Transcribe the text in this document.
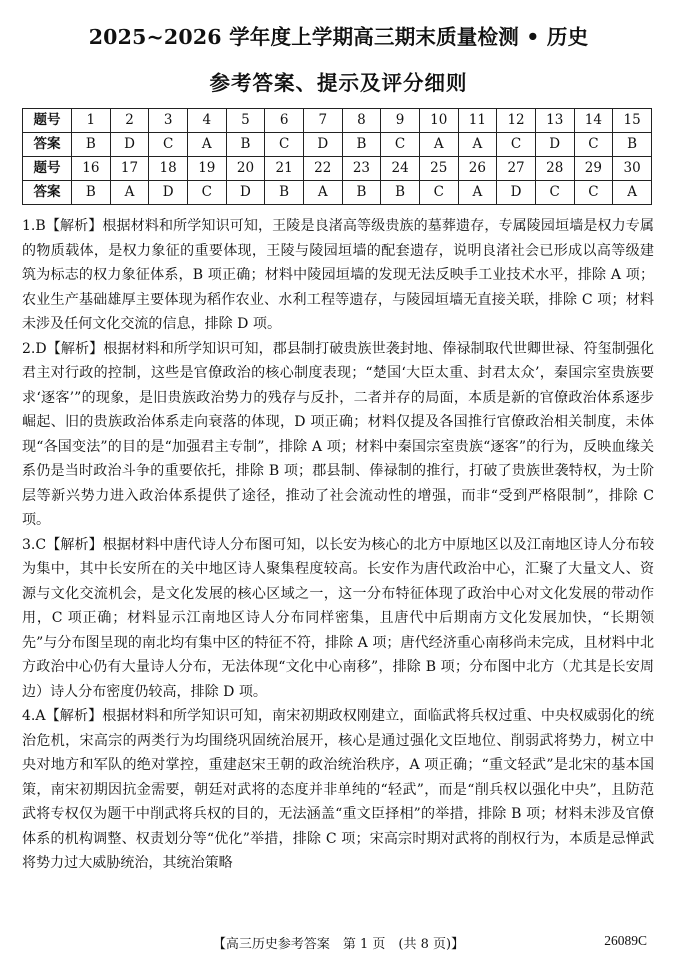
2025~2026 学年度上学期高三期末质量检测 • 历史
参考答案、提示及评分细则
题号	1	2	3	4	5	6	7	8	9	10	11	12	13	14	15
答案	B	D	C	A	B	C	D	B	C	A	A	C	D	C	B
题号	16	17	18	19	20	21	22	23	24	25	26	27	28	29	30
答案	B	A	D	C	D	B	A	B	B	C	A	D	C	C	A

1.B【解析】根据材料和所学知识可知，王陵是良渚高等级贵族的墓葬遗存，专属陵园垣墙是权力专属的物质载体，是权力象征的重要体现，王陵与陵园垣墙的配套遗存，说明良渚社会已形成以高等级建筑为标志的权力象征体系，B 项正确；材料中陵园垣墙的发现无法反映手工业技术水平，排除 A 项；农业生产基础雄厚主要体现为稻作农业、水利工程等遗存，与陵园垣墙无直接关联，排除 C 项；材料未涉及任何文化交流的信息，排除 D 项。

2.D【解析】根据材料和所学知识可知，郡县制打破贵族世袭封地、俸禄制取代世卿世禄、符玺制强化君主对行政的控制，这些是官僚政治的核心制度表现；“楚国‘大臣太重、封君太众’，秦国宗室贵族要求‘逐客’”的现象，是旧贵族政治势力的残存与反扑，二者并存的局面，本质是新的官僚政治体系逐步崛起、旧的贵族政治体系走向衰落的体现，D 项正确；材料仅提及各国推行官僚政治相关制度，未体现“各国变法”的目的是“加强君主专制”，排除 A 项；材料中秦国宗室贵族“逐客”的行为，反映血缘关系仍是当时政治斗争的重要依托，排除 B 项；郡县制、俸禄制的推行，打破了贵族世袭特权，为士阶层等新兴势力进入政治体系提供了途径，推动了社会流动性的增强，而非“受到严格限制”，排除 C 项。

3.C【解析】根据材料中唐代诗人分布图可知，以长安为核心的北方中原地区以及江南地区诗人分布较为集中，其中长安所在的关中地区诗人聚集程度较高。长安作为唐代政治中心，汇聚了大量文人、资源与文化交流机会，是文化发展的核心区域之一，这一分布特征体现了政治中心对文化发展的带动作用，C 项正确；材料显示江南地区诗人分布同样密集，且唐代中后期南方文化发展加快，“长期领先”与分布图呈现的南北均有集中区的特征不符，排除 A 项；唐代经济重心南移尚未完成，且材料中北方政治中心仍有大量诗人分布，无法体现“文化中心南移”，排除 B 项；分布图中北方（尤其是长安周边）诗人分布密度仍较高，排除 D 项。

4.A【解析】根据材料和所学知识可知，南宋初期政权刚建立，面临武将兵权过重、中央权威弱化的统治危机，宋高宗的两类行为均围绕巩固统治展开，核心是通过强化文臣地位、削弱武将势力，树立中央对地方和军队的绝对掌控，重建赵宋王朝的政治统治秩序，A 项正确；“重文轻武”是北宋的基本国策，南宋初期因抗金需要，朝廷对武将的态度并非单纯的“轻武”，而是“削兵权以强化中央”，且防范武将专权仅为题干中削武将兵权的目的，无法涵盖“重文臣择相”的举措，排除 B 项；材料未涉及官僚体系的机构调整、权责划分等“优化”举措，排除 C 项；宋高宗时期对武将的削权行为，本质是忌惮武将势力过大威胁统治，其统治策略

【高三历史参考答案　第 1 页　(共 8 页)】	26089C
